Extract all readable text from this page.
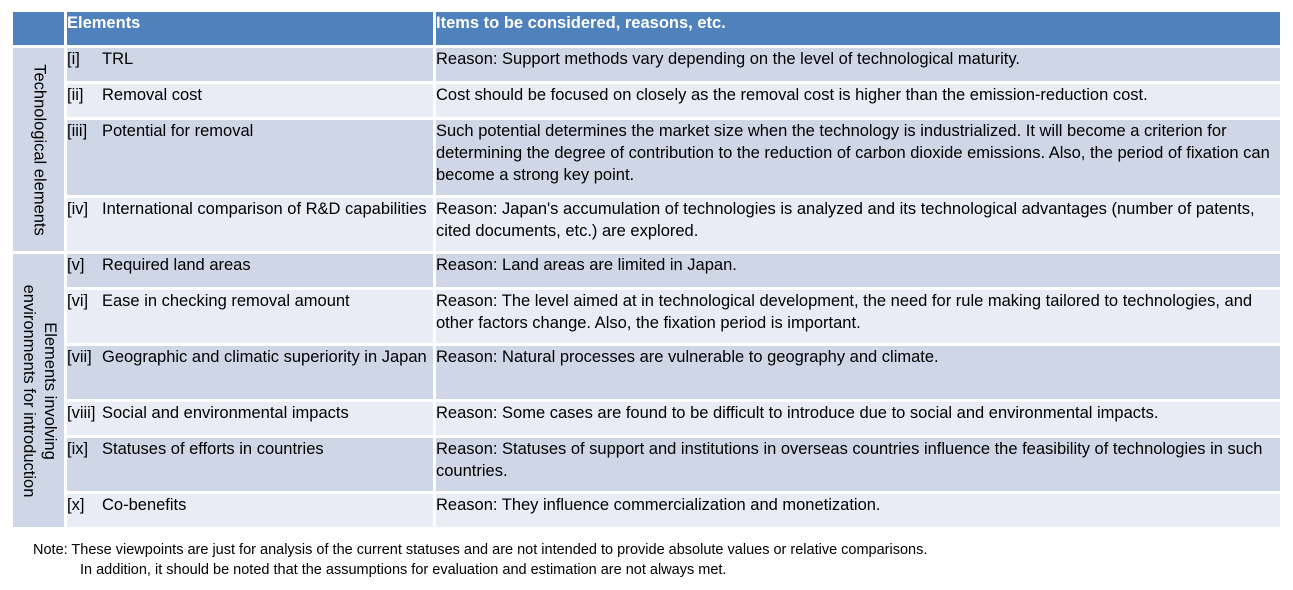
	Elements	Items to be considered, reasons, etc.

Technological elements	[i] TRL	Reason: Support methods vary depending on the level of technological maturity.

	[ii] Removal cost	Cost should be focused on closely as the removal cost is higher than the emission-reduction cost.

	[iii] Potential for removal	Such potential determines the market size when the technology is industrialized. It will become a criterion for determining the degree of contribution to the reduction of carbon dioxide emissions. Also, the period of fixation can become a strong key point.

	[iv] International comparison of R&D capabilities	Reason: Japan's accumulation of technologies is analyzed and its technological advantages (number of patents, cited documents, etc.) are explored.

Elements involving
environments for introduction	[v] Required land areas	Reason: Land areas are limited in Japan.

	[vi] Ease in checking removal amount	Reason: The level aimed at in technological development, the need for rule making tailored to technologies, and other factors change. Also, the fixation period is important.

	[vii] Geographic and climatic superiority in Japan	Reason: Natural processes are vulnerable to geography and climate.

	[viii] Social and environmental impacts	Reason: Some cases are found to be difficult to introduce due to social and environmental impacts.

	[ix] Statuses of efforts in countries	Reason: Statuses of support and institutions in overseas countries influence the feasibility of technologies in such countries.

	[x] Co-benefits	Reason: They influence commercialization and monetization.
Note: These viewpoints are just for analysis of the current statuses and are not intended to provide absolute values or relative comparisons.
In addition, it should be noted that the assumptions for evaluation and estimation are not always met.
